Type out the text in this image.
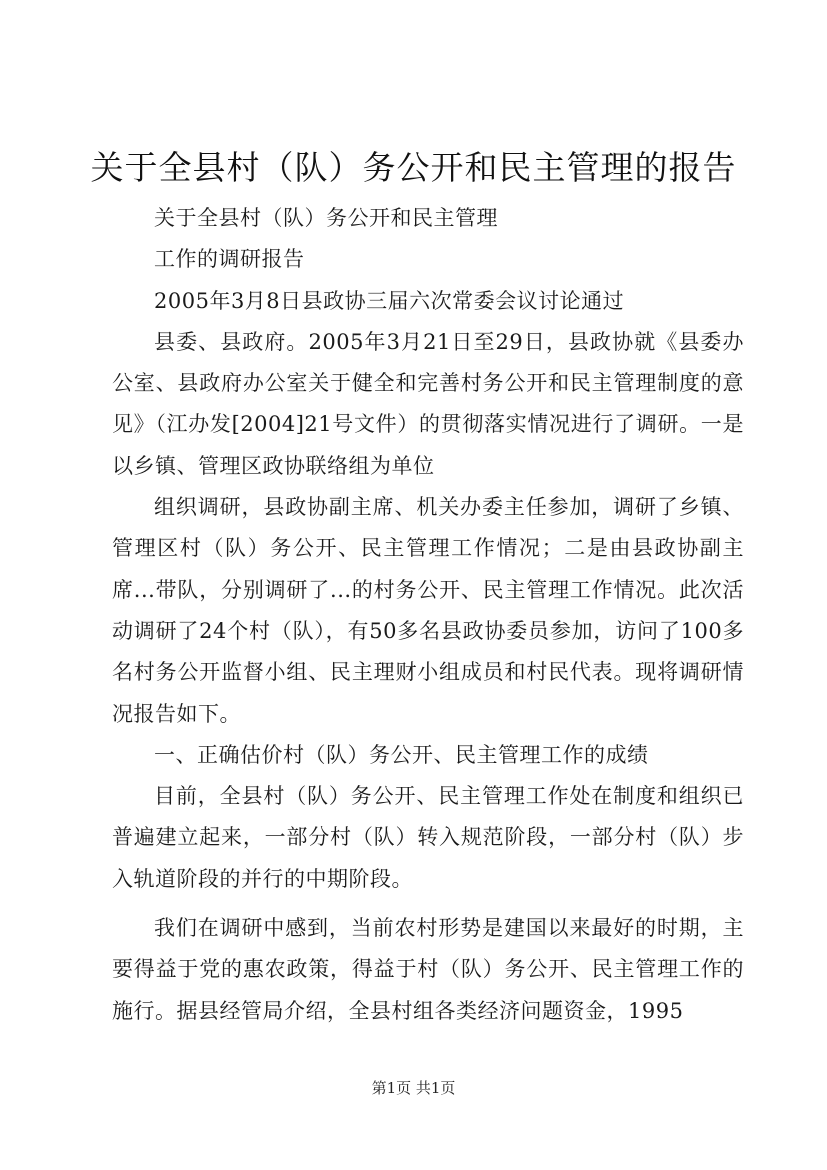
关于全县村（队）务公开和民主管理的报告

关于全县村（队）务公开和民主管理

工作的调研报告

2005年3月8日县政协三届六次常委会议讨论通过

县委、县政府。2005年3月21日至29日，县政协就《县委办公室、县政府办公室关于健全和完善村务公开和民主管理制度的意见》（江办发[2004]21号文件）的贯彻落实情况进行了调研。一是以乡镇、管理区政协联络组为单位

组织调研，县政协副主席、机关办委主任参加，调研了乡镇、管理区村（队）务公开、民主管理工作情况；二是由县政协副主席...带队，分别调研了...的村务公开、民主管理工作情况。此次活动调研了24个村（队），有50多名县政协委员参加，访问了100多名村务公开监督小组、民主理财小组成员和村民代表。现将调研情况报告如下。

一、正确估价村（队）务公开、民主管理工作的成绩

目前，全县村（队）务公开、民主管理工作处在制度和组织已普遍建立起来，一部分村（队）转入规范阶段，一部分村（队）步入轨道阶段的并行的中期阶段。

我们在调研中感到，当前农村形势是建国以来最好的时期，主要得益于党的惠农政策，得益于村（队）务公开、民主管理工作的施行。据县经管局介绍，全县村组各类经济问题资金，1995

第1页 共1页
